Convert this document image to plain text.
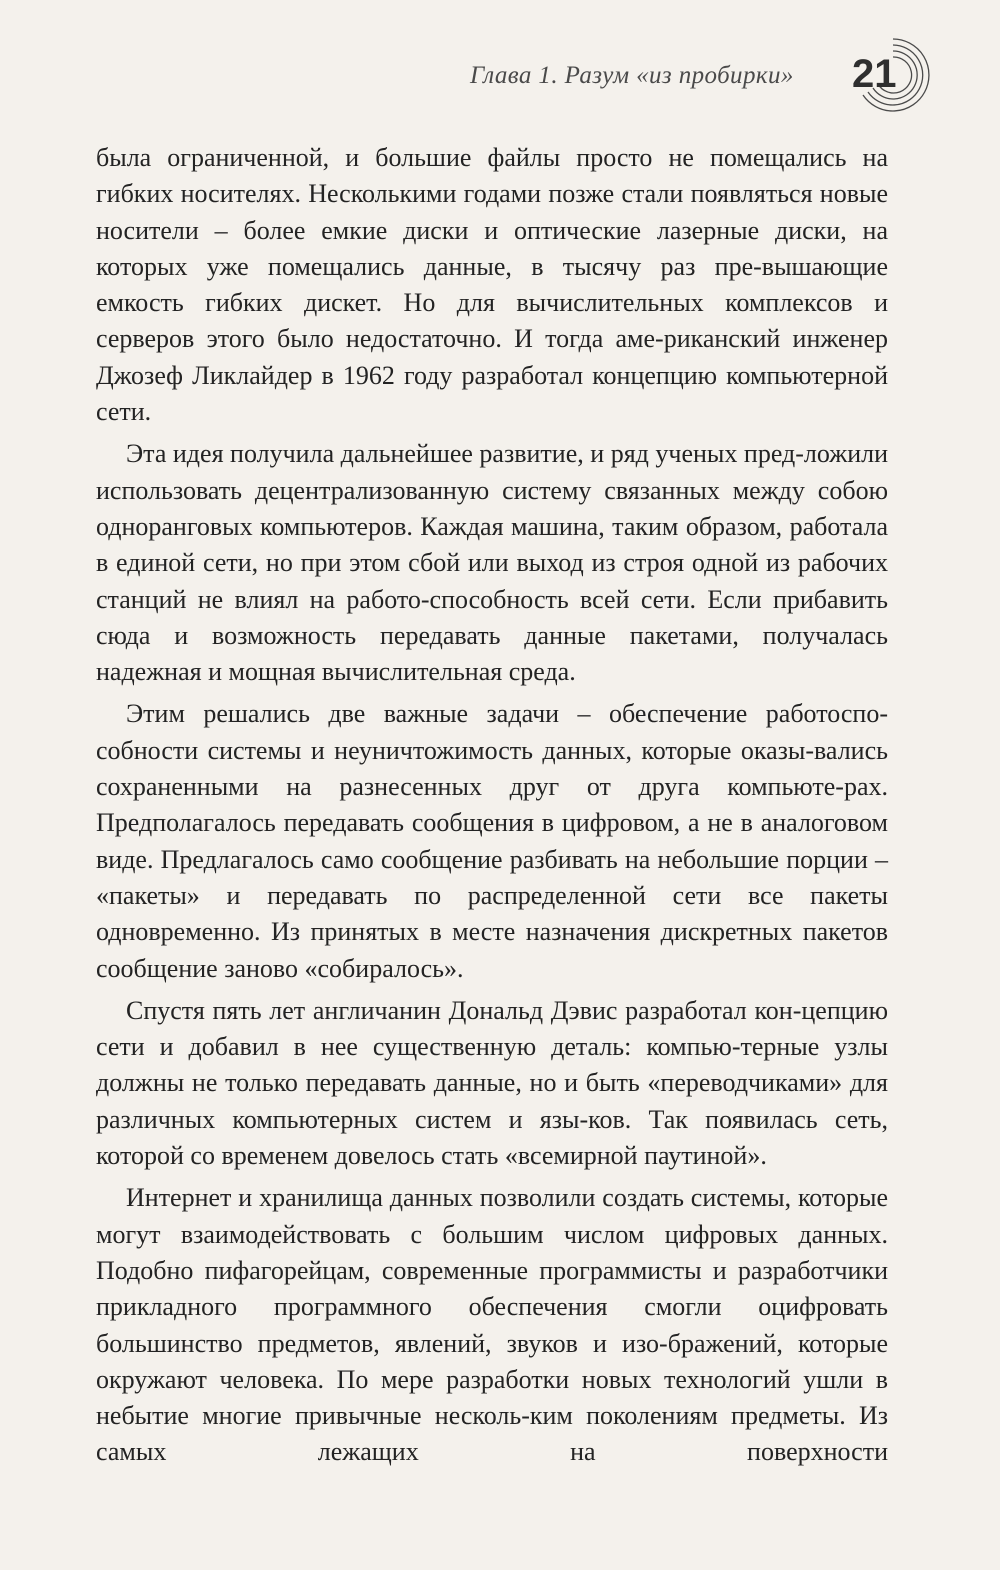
Глава 1. Разум «из пробирки» 21

была ограниченной, и большие файлы просто не помещались на гибких носителях. Несколькими годами позже стали появляться новые носители – более емкие диски и оптические лазерные диски, на которых уже помещались данные, в тысячу раз пре-вышающие емкость гибких дискет. Но для вычислительных комплексов и серверов этого было недостаточно. И тогда аме-риканский инженер Джозеф Ликлайдер в 1962 году разработал концепцию компьютерной сети.

Эта идея получила дальнейшее развитие, и ряд ученых пред-ложили использовать децентрализованную систему связанных между собою одноранговых компьютеров. Каждая машина, таким образом, работала в единой сети, но при этом сбой или выход из строя одной из рабочих станций не влиял на работо-способность всей сети. Если прибавить сюда и возможность передавать данные пакетами, получалась надежная и мощная вычислительная среда.

Этим решались две важные задачи – обеспечение работоспо-собности системы и неуничтожимость данных, которые оказы-вались сохраненными на разнесенных друг от друга компьюте-рах. Предполагалось передавать сообщения в цифровом, а не в аналоговом виде. Предлагалось само сообщение разбивать на небольшие порции – «пакеты» и передавать по распределенной сети все пакеты одновременно. Из принятых в месте назначения дискретных пакетов сообщение заново «собиралось».

Спустя пять лет англичанин Дональд Дэвис разработал кон-цепцию сети и добавил в нее существенную деталь: компью-терные узлы должны не только передавать данные, но и быть «переводчиками» для различных компьютерных систем и язы-ков. Так появилась сеть, которой со временем довелось стать «всемирной паутиной».

Интернет и хранилища данных позволили создать системы, которые могут взаимодействовать с большим числом цифровых данных. Подобно пифагорейцам, современные программисты и разработчики прикладного программного обеспечения смогли оцифровать большинство предметов, явлений, звуков и изо-бражений, которые окружают человека. По мере разработки новых технологий ушли в небытие многие привычные несколь-ким поколениям предметы. Из самых лежащих на поверхности
